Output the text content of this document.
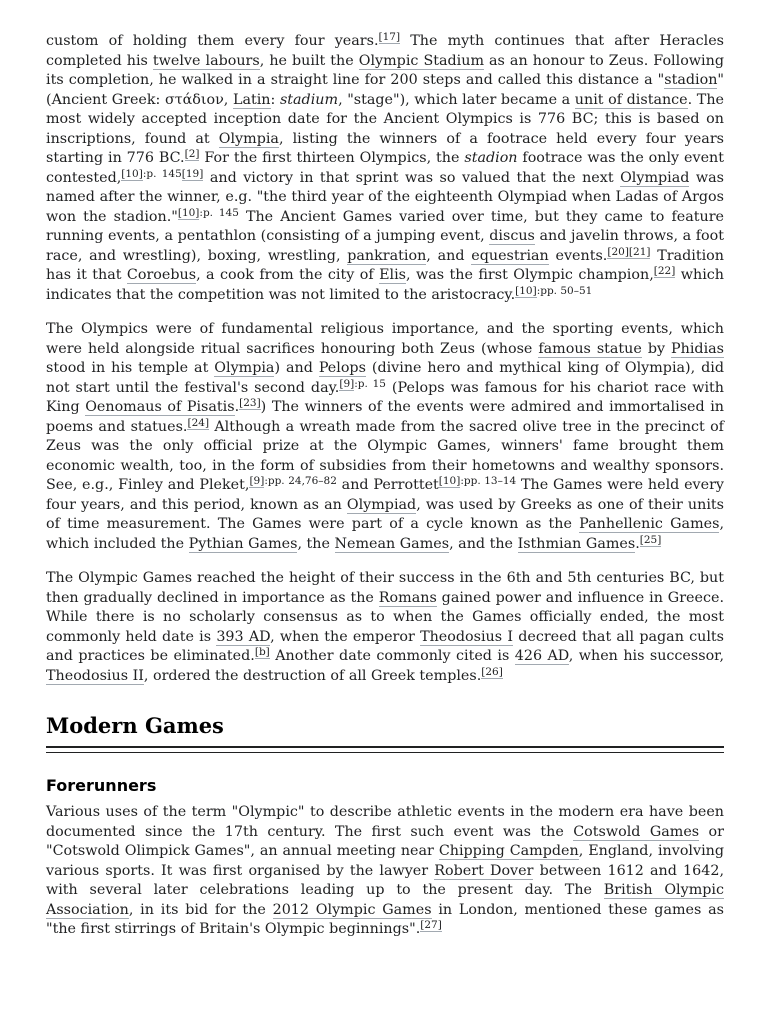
custom of holding them every four years.[17] The myth continues that after Heracles completed his twelve labours, he built the Olympic Stadium as an honour to Zeus. Following its completion, he walked in a straight line for 200 steps and called this distance a "stadion" (Ancient Greek: στάδιον, Latin: stadium, "stage"), which later became a unit of distance. The most widely accepted inception date for the Ancient Olympics is 776 BC; this is based on inscriptions, found at Olympia, listing the winners of a footrace held every four years starting in 776 BC.[2] For the first thirteen Olympics, the stadion footrace was the only event contested,[10]:p. 145[19] and victory in that sprint was so valued that the next Olympiad was named after the winner, e.g. "the third year of the eighteenth Olympiad when Ladas of Argos won the stadion."$^{[10]:p. 145}$ The Ancient Games varied over time, but they came to feature running events, a pentathlon (consisting of a jumping event, discus and javelin throws, a foot race, and wrestling), boxing, wrestling, pankration, and equestrian events.[20][21] Tradition has it that Coroebus, a cook from the city of Elis, was the first Olympic champion,[22] which indicates that the competition was not limited to the aristocracy.$^{[10]:pp. 50-51}$

The Olympics were of fundamental religious importance, and the sporting events, which were held alongside ritual sacrifices honouring both Zeus (whose famous statue by Phidias stood in his temple at Olympia) and Pelops (divine hero and mythical king of Olympia), did not start until the festival's second day.$^{[9]:p. 15}$ (Pelops was famous for his chariot race with King Oenomaus of Pisatis.[23]) The winners of the events were admired and immortalised in poems and statues.[24] Although a wreath made from the sacred olive tree in the precinct of Zeus was the only official prize at the Olympic Games, winners' fame brought them economic wealth, too, in the form of subsidies from their hometowns and wealthy sponsors. See, e.g., Finley and Pleket,$^{[9]:pp. 24,76-82}$ and Perrottet$^{[10]:pp. 13-14}$ The Games were held every four years, and this period, known as an Olympiad, was used by Greeks as one of their units of time measurement. The Games were part of a cycle known as the Panhellenic Games, which included the Pythian Games, the Nemean Games, and the Isthmian Games.[25]

The Olympic Games reached the height of their success in the 6th and 5th centuries BC, but then gradually declined in importance as the Romans gained power and influence in Greece. While there is no scholarly consensus as to when the Games officially ended, the most commonly held date is 393 AD, when the emperor Theodosius I decreed that all pagan cults and practices be eliminated.[b] Another date commonly cited is 426 AD, when his successor, Theodosius II, ordered the destruction of all Greek temples.[26]

Modern Games
Forerunners

Various uses of the term "Olympic" to describe athletic events in the modern era have been documented since the 17th century. The first such event was the Cotswold Games or "Cotswold Olimpick Games", an annual meeting near Chipping Campden, England, involving various sports. It was first organised by the lawyer Robert Dover between 1612 and 1642, with several later celebrations leading up to the present day. The British Olympic Association, in its bid for the 2012 Olympic Games in London, mentioned these games as "the first stirrings of Britain's Olympic beginnings".[27]
